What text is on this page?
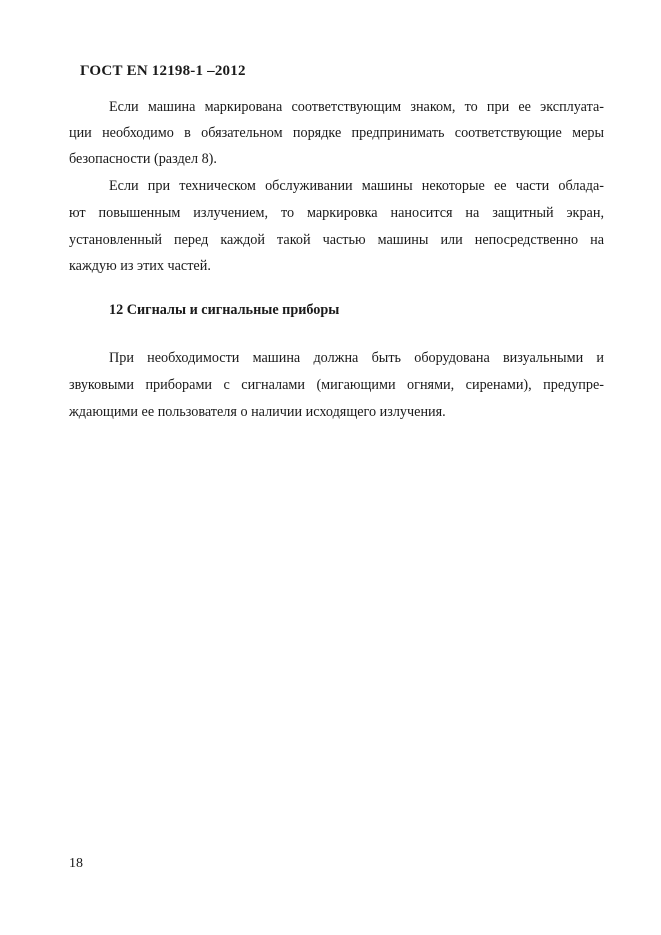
ГОСТ EN 12198-1 –2012
Если машина маркирована соответствующим знаком, то при ее эксплуата-
ции необходимо в обязательном порядке предпринимать соответствующие меры
безопасности (раздел 8).
Если при техническом обслуживании машины некоторые ее части облада-
ют повышенным излучением, то маркировка наносится на защитный экран,
установленный перед каждой такой частью машины или непосредственно на
каждую из этих частей.
12 Сигналы и сигнальные приборы
При необходимости машина должна быть оборудована визуальными и
звуковыми приборами с сигналами (мигающими огнями, сиренами), предупре-
ждающими ее пользователя о наличии исходящего излучения.
18
